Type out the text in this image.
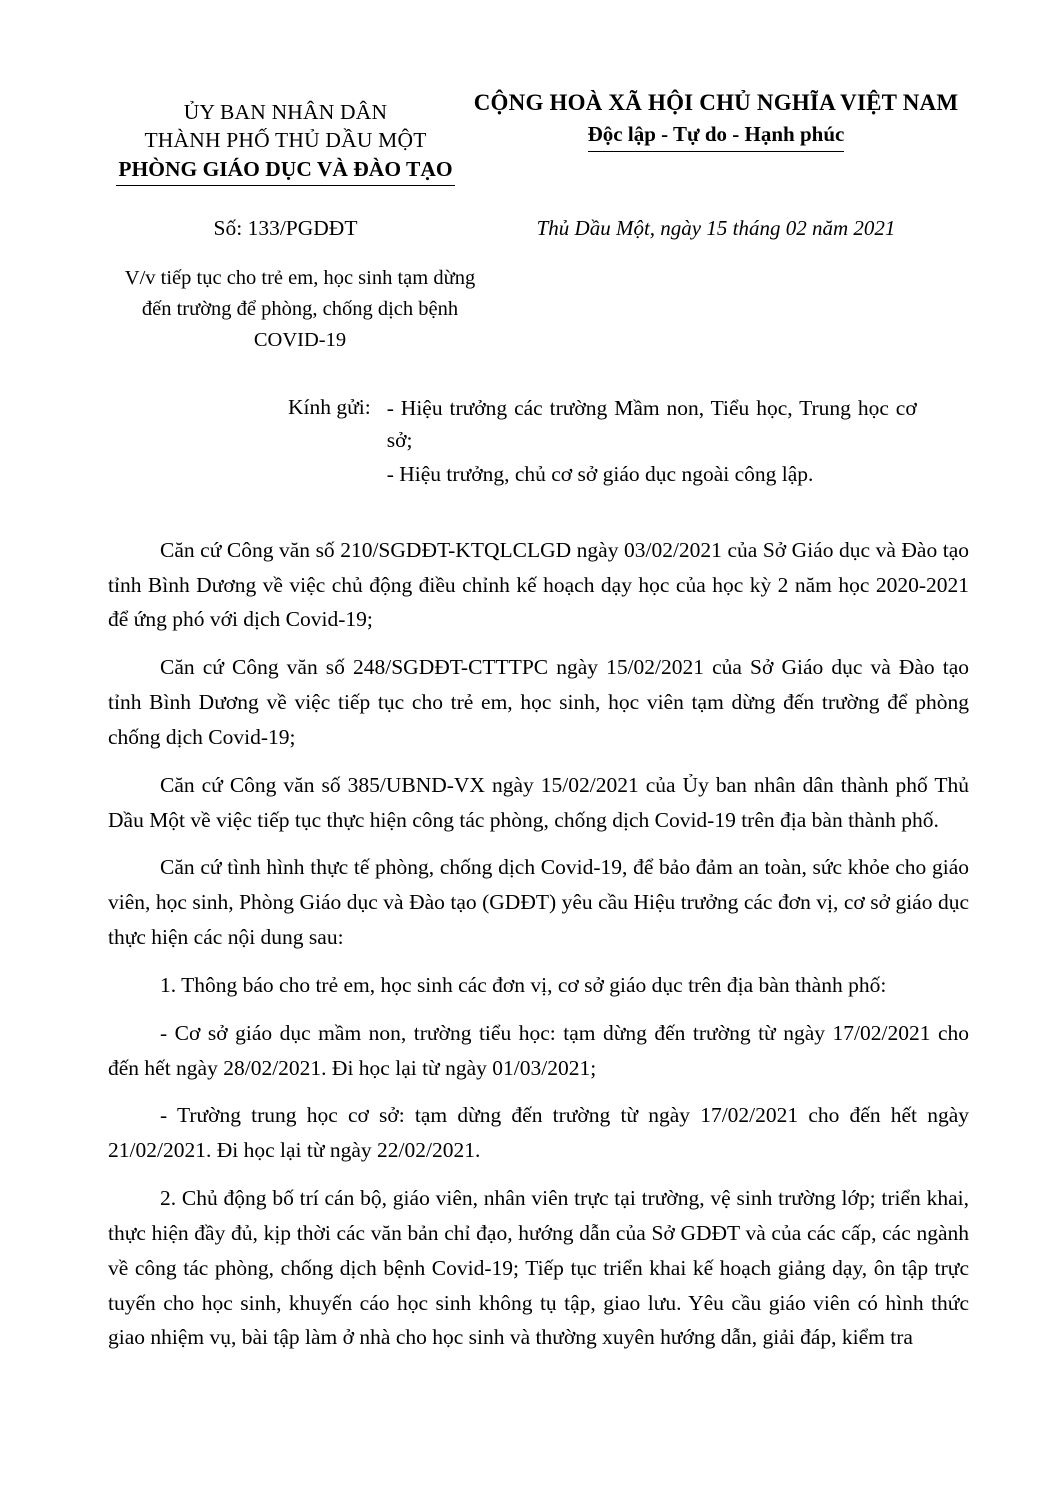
ỦY BAN NHÂN DÂN
THÀNH PHỐ THỦ DẦU MỘT
PHÒNG GIÁO DỤC VÀ ĐÀO TẠO
CỘNG HOÀ XÃ HỘI CHỦ NGHĨA VIỆT NAM
Độc lập - Tự do - Hạnh phúc
Số: 133/PGDĐT	Thủ Dầu Một, ngày 15 tháng 02 năm 2021
V/v tiếp tục cho trẻ em, học sinh tạm dừng đến trường để phòng, chống dịch bệnh COVID-19
Kính gửi: - Hiệu trưởng các trường Mầm non, Tiểu học, Trung học cơ sở;
- Hiệu trưởng, chủ cơ sở giáo dục ngoài công lập.

Căn cứ Công văn số 210/SGDĐT-KTQLCLGD ngày 03/02/2021 của Sở Giáo dục và Đào tạo tỉnh Bình Dương về việc chủ động điều chỉnh kế hoạch dạy học của học kỳ 2 năm học 2020-2021 để ứng phó với dịch Covid-19;

Căn cứ Công văn số 248/SGDĐT-CTTTPC ngày 15/02/2021 của Sở Giáo dục và Đào tạo tỉnh Bình Dương về việc tiếp tục cho trẻ em, học sinh, học viên tạm dừng đến trường để phòng chống dịch Covid-19;

Căn cứ Công văn số 385/UBND-VX ngày 15/02/2021 của Ủy ban nhân dân thành phố Thủ Dầu Một về việc tiếp tục thực hiện công tác phòng, chống dịch Covid-19 trên địa bàn thành phố.

Căn cứ tình hình thực tế phòng, chống dịch Covid-19, để bảo đảm an toàn, sức khỏe cho giáo viên, học sinh, Phòng Giáo dục và Đào tạo (GDĐT) yêu cầu Hiệu trưởng các đơn vị, cơ sở giáo dục thực hiện các nội dung sau:

1. Thông báo cho trẻ em, học sinh các đơn vị, cơ sở giáo dục trên địa bàn thành phố:

- Cơ sở giáo dục mầm non, trường tiểu học: tạm dừng đến trường từ ngày 17/02/2021 cho đến hết ngày 28/02/2021. Đi học lại từ ngày 01/03/2021;

- Trường trung học cơ sở: tạm dừng đến trường từ ngày 17/02/2021 cho đến hết ngày 21/02/2021. Đi học lại từ ngày 22/02/2021.

2. Chủ động bố trí cán bộ, giáo viên, nhân viên trực tại trường, vệ sinh trường lớp; triển khai, thực hiện đầy đủ, kịp thời các văn bản chỉ đạo, hướng dẫn của Sở GDĐT và của các cấp, các ngành về công tác phòng, chống dịch bệnh Covid-19; Tiếp tục triển khai kế hoạch giảng dạy, ôn tập trực tuyến cho học sinh, khuyến cáo học sinh không tụ tập, giao lưu. Yêu cầu giáo viên có hình thức giao nhiệm vụ, bài tập làm ở nhà cho học sinh và thường xuyên hướng dẫn, giải đáp, kiểm tra
